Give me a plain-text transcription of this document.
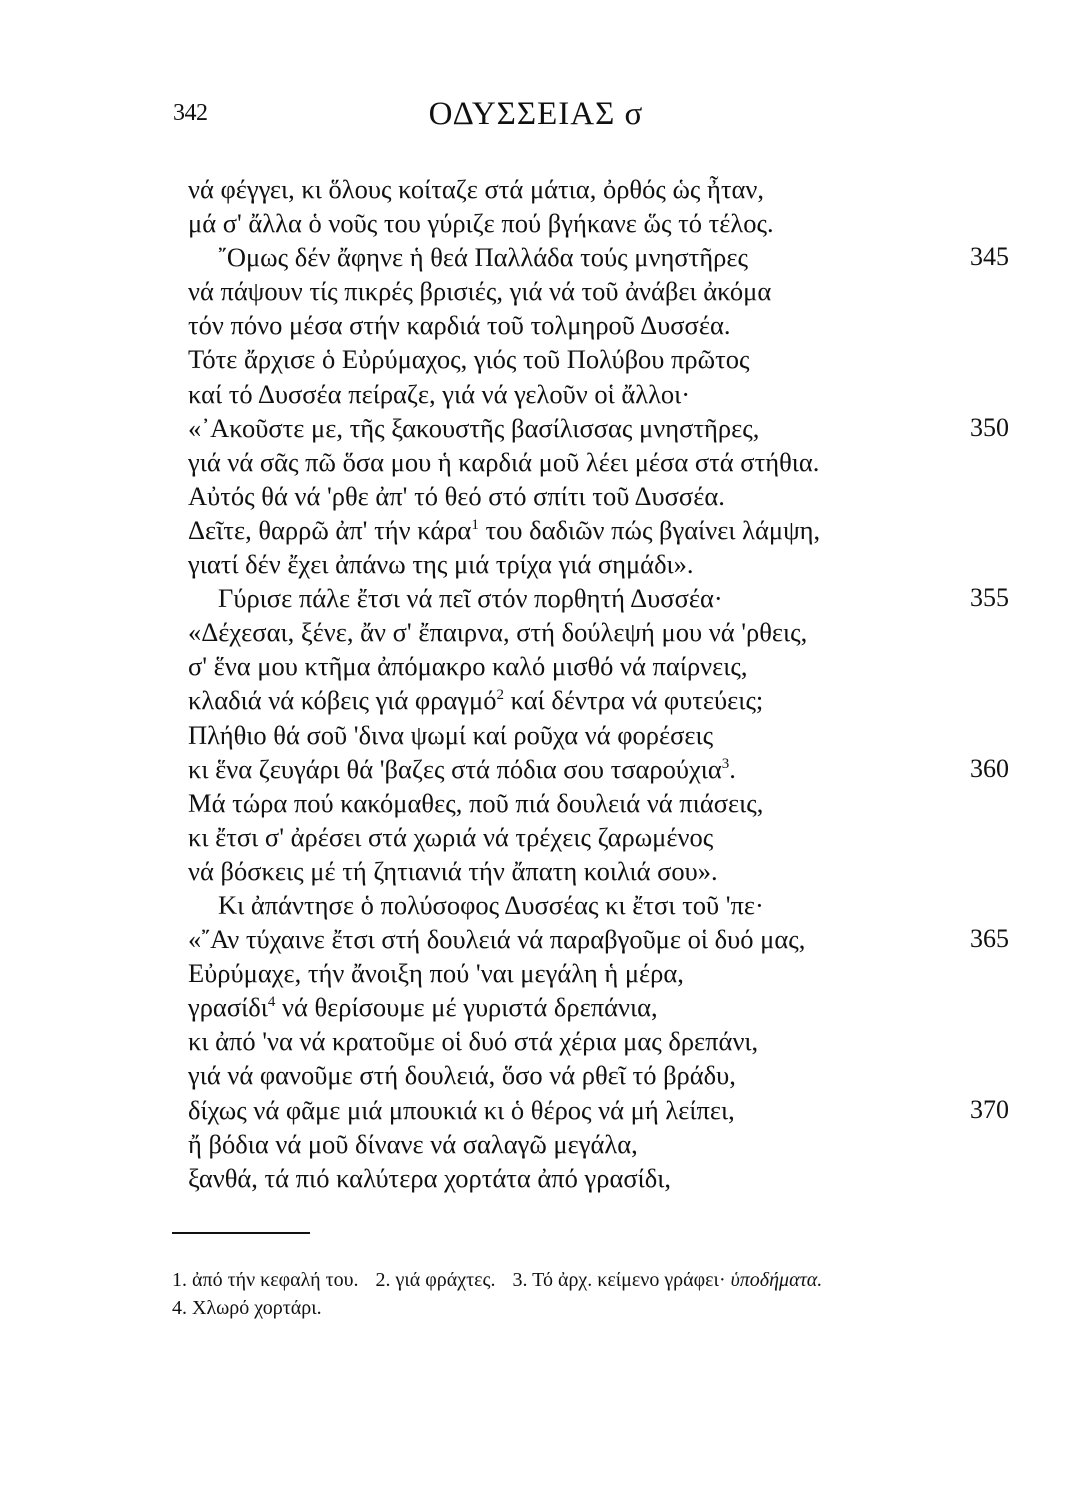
342	ΟΔΥΣΣΕΙΑΣ σ
νά φέγγει, κι ὅλους κοίταζε στά μάτια, ὀρθός ὡς ἦταν,
μά σ' ἄλλα ὁ νοῦς του γύριζε πού βγήκανε ὥς τό τέλος.
῎Ομως δέν ἄφηνε ἡ θεά Παλλάδα τούς μνηστῆρες	345
νά πάψουν τίς πικρές βρισιές, γιά νά τοῦ ἀνάβει ἀκόμα
τόν πόνο μέσα στήν καρδιά τοῦ τολμηροῦ Δυσσέα.
Τότε ἄρχισε ὁ Εὐρύμαχος, γιός τοῦ Πολύβου πρῶτος
καί τό Δυσσέα πείραζε, γιά νά γελοῦν οἱ ἄλλοι·
«᾿Ακοῦστε με, τῆς ξακουστῆς βασίλισσας μνηστῆρες,	350
γιά νά σᾶς πῶ ὅσα μου ἡ καρδιά μοῦ λέει μέσα στά στήθια.
Αὐτός θά νά 'ρθε ἀπ' τό θεό στό σπίτι τοῦ Δυσσέα.
Δεῖτε, θαρρῶ ἀπ' τήν κάρα$^1$ του δαδιῶν πώς βγαίνει λάμψη,
γιατί δέν ἔχει ἀπάνω της μιά τρίχα γιά σημάδι».
Γύρισε πάλε ἔτσι νά πεῖ στόν πορθητή Δυσσέα·	355
«Δέχεσαι, ξένε, ἄν σ' ἔπαιρνα, στή δούλεψή μου νά 'ρθεις,
σ' ἕνα μου κτῆμα ἀπόμακρο καλό μισθό νά παίρνεις,
κλαδιά νά κόβεις γιά φραγμό$^2$ καί δέντρα νά φυτεύεις;
Πλήθιο θά σοῦ 'δινα ψωμί καί ροῦχα νά φορέσεις
κι ἕνα ζευγάρι θά 'βαζες στά πόδια σου τσαρούχια$^3$.	360
Μά τώρα πού κακόμαθες, ποῦ πιά δουλειά νά πιάσεις,
κι ἔτσι σ' ἀρέσει στά χωριά νά τρέχεις ζαρωμένος
νά βόσκεις μέ τή ζητιανιά τήν ἄπατη κοιλιά σου».
Κι ἀπάντησε ὁ πολύσοφος Δυσσέας κι ἔτσι τοῦ 'πε·
«῎Αν τύχαινε ἔτσι στή δουλειά νά παραβγοῦμε οἱ δυό μας,	365
Εὐρύμαχε, τήν ἄνοιξη πού 'ναι μεγάλη ἡ μέρα,
γρασίδι$^4$ νά θερίσουμε μέ γυριστά δρεπάνια,
κι ἀπό 'να νά κρατοῦμε οἱ δυό στά χέρια μας δρεπάνι,
γιά νά φανοῦμε στή δουλειά, ὅσο νά ρθεῖ τό βράδυ,
δίχως νά φᾶμε μιά μπουκιά κι ὁ θέρος νά μή λείπει,	370
ἤ βόδια νά μοῦ δίνανε νά σαλαγῶ μεγάλα,
ξανθά, τά πιό καλύτερα χορτάτα ἀπό γρασίδι,
1. ἀπό τήν κεφαλή του. 2. γιά φράχτες. 3. Τό ἀρχ. κείμενο γράφει· ὑποδήματα.
4. Χλωρό χορτάρι.
